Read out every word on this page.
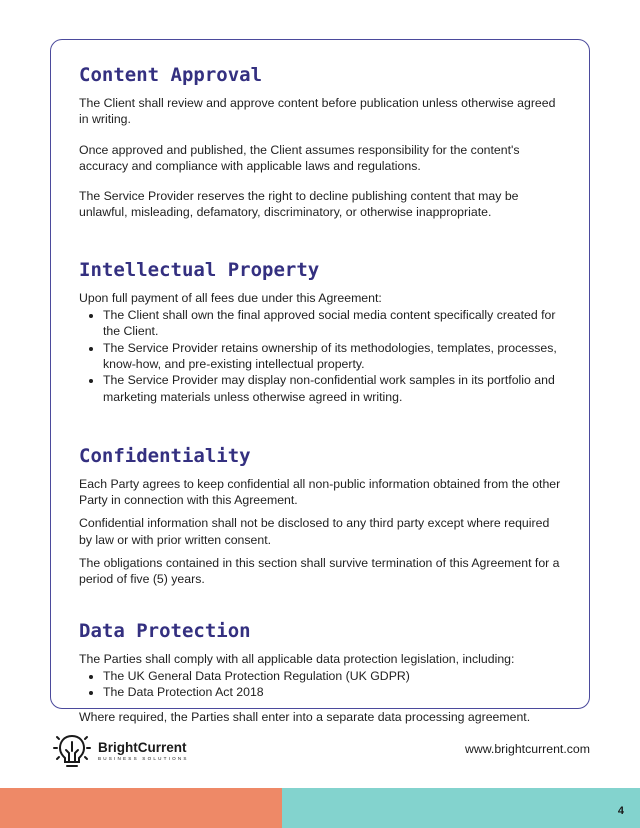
Content Approval

The Client shall review and approve content before publication unless otherwise agreed in writing.

Once approved and published, the Client assumes responsibility for the content's accuracy and compliance with applicable laws and regulations.

The Service Provider reserves the right to decline publishing content that may be unlawful, misleading, defamatory, discriminatory, or otherwise inappropriate.

Intellectual Property

Upon full payment of all fees due under this Agreement:

• The Client shall own the final approved social media content specifically created for the Client.
• The Service Provider retains ownership of its methodologies, templates, processes, know-how, and pre-existing intellectual property.
• The Service Provider may display non-confidential work samples in its portfolio and marketing materials unless otherwise agreed in writing.
Confidentiality

Each Party agrees to keep confidential all non-public information obtained from the other Party in connection with this Agreement.

Confidential information shall not be disclosed to any third party except where required by law or with prior written consent.

The obligations contained in this section shall survive termination of this Agreement for a period of five (5) years.

Data Protection

The Parties shall comply with all applicable data protection legislation, including:

• The UK General Data Protection Regulation (UK GDPR)
• The Data Protection Act 2018

Where required, the Parties shall enter into a separate data processing agreement.

BrightCurrent
BUSINESS SOLUTIONS
www.brightcurrent.com
4
